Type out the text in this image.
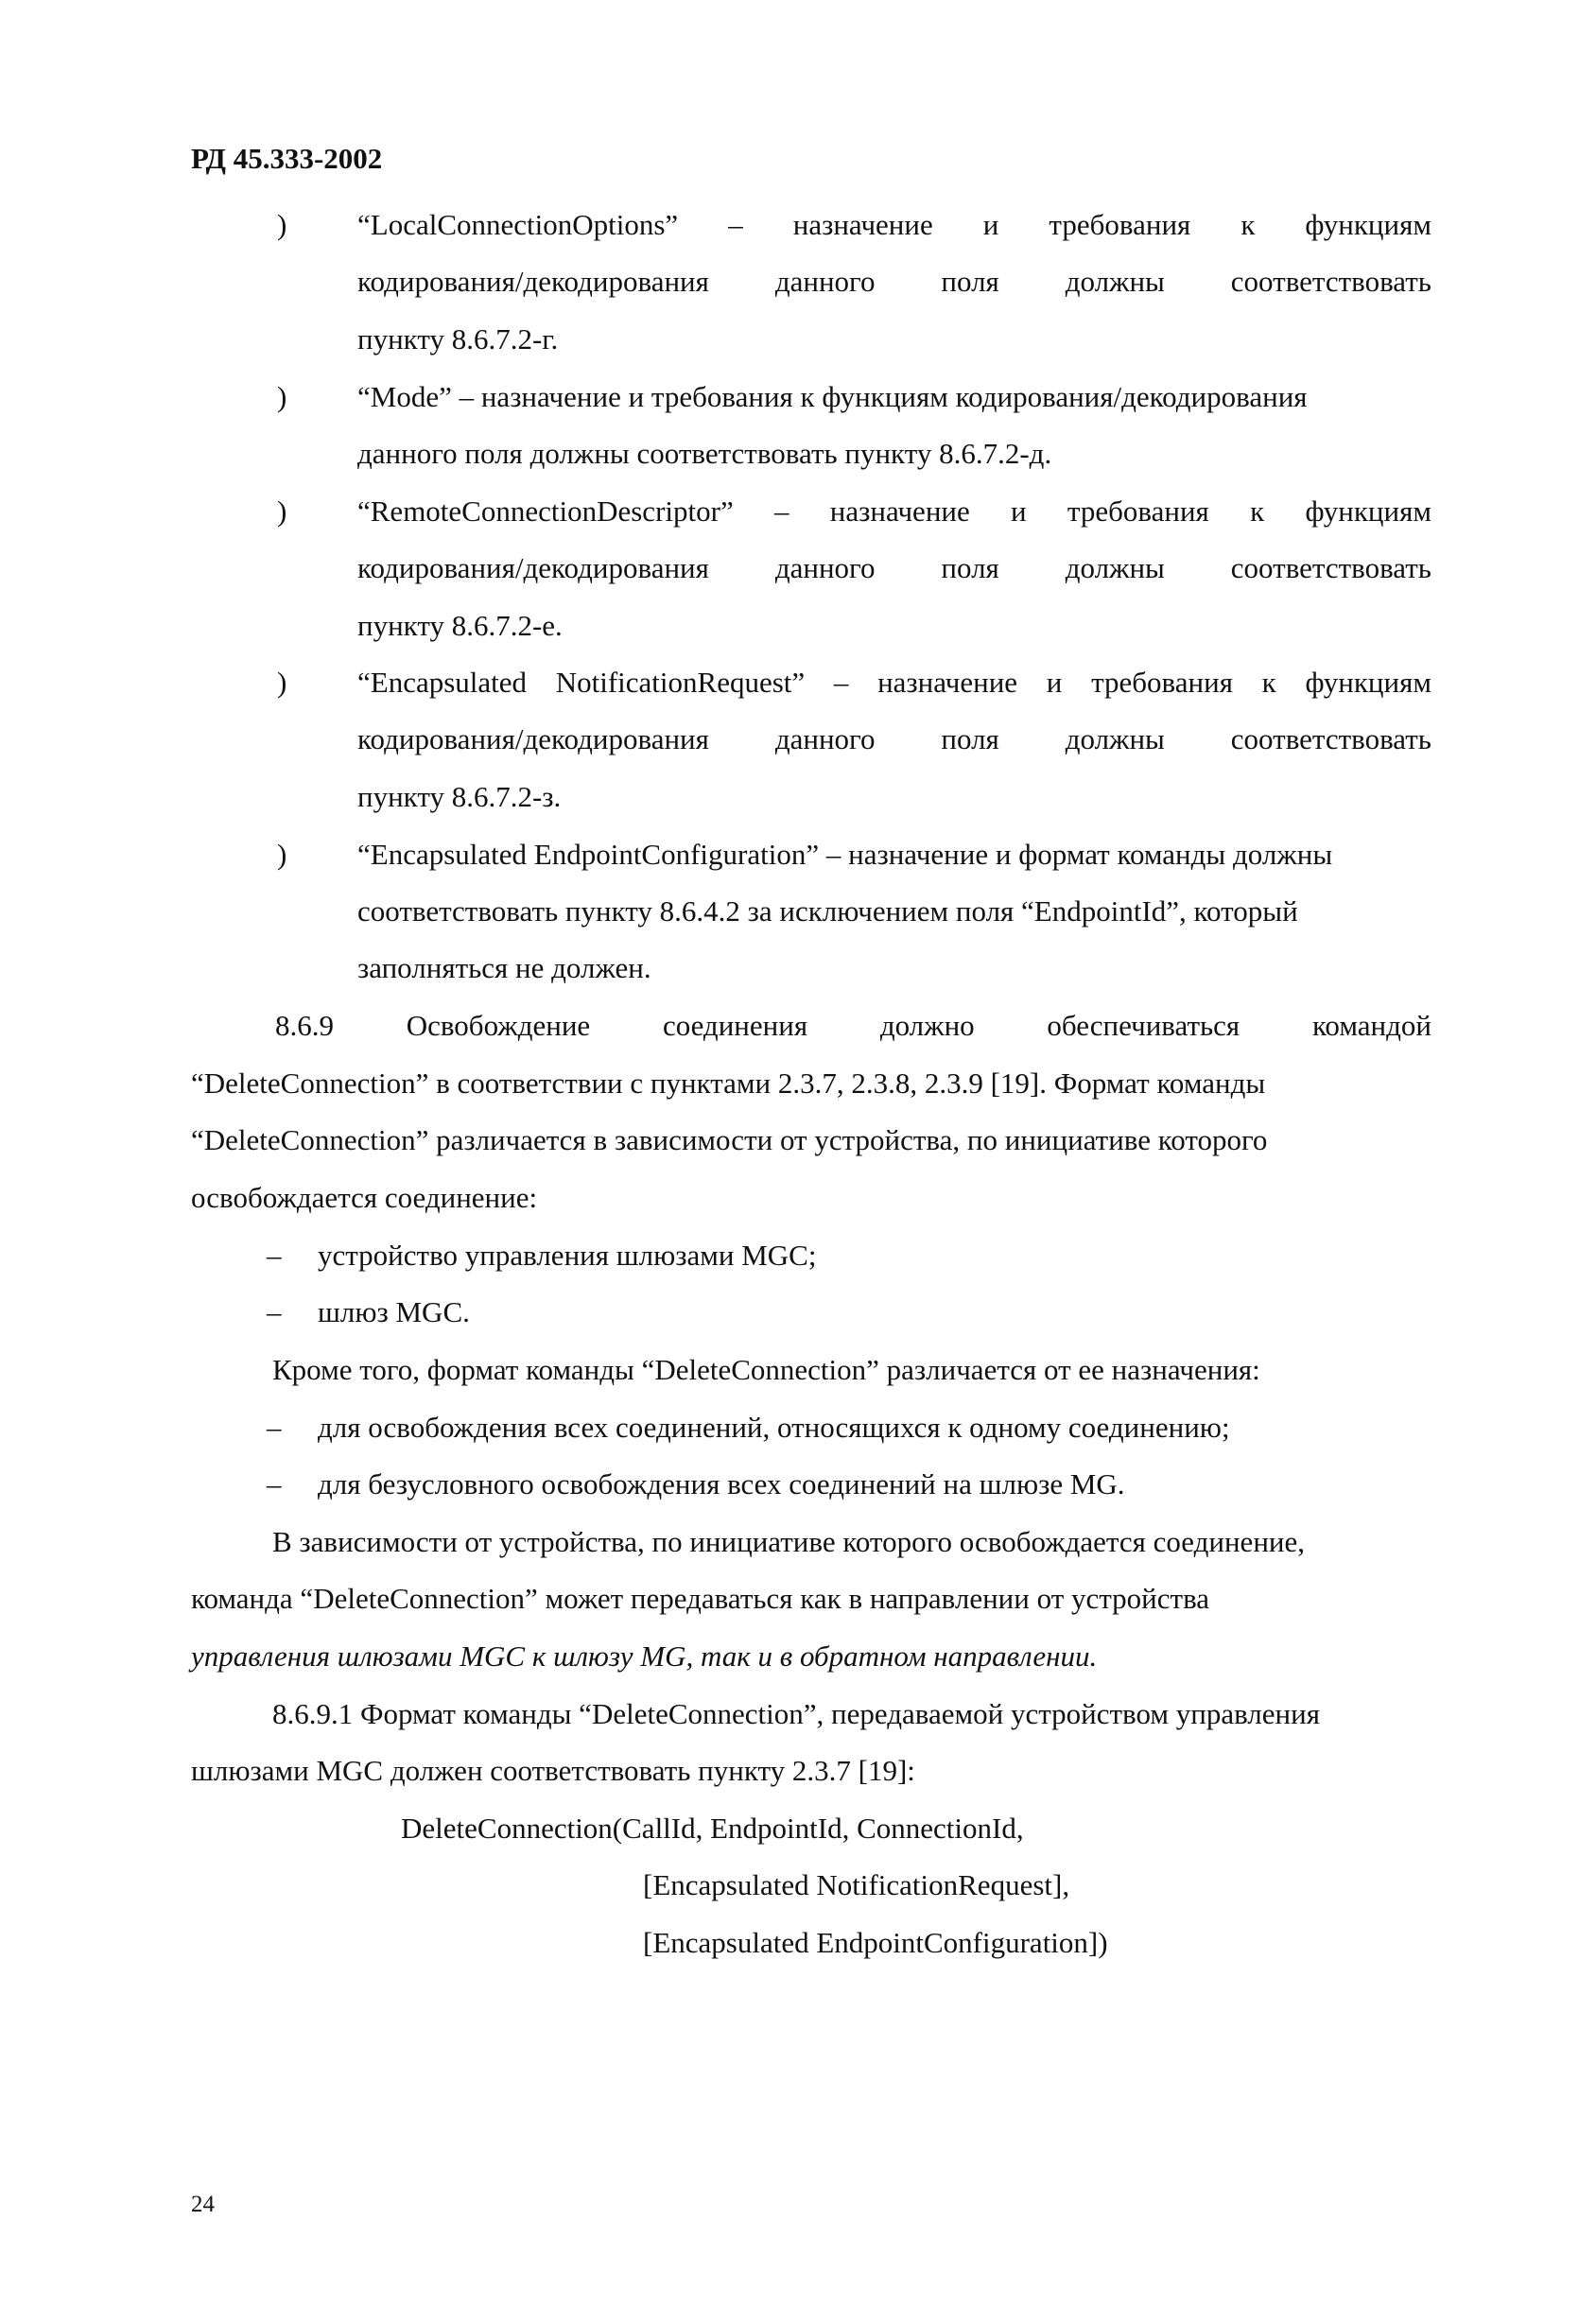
РД 45.333-2002
) “LocalConnectionOptions” – назначение и требования к функциям
кодирования/декодирования данного поля должны соответствовать
пункту 8.6.7.2-г.
) “Mode” – назначение и требования к функциям кодирования/декодирования
данного поля должны соответствовать пункту 8.6.7.2-д.
) “RemoteConnectionDescriptor” – назначение и требования к функциям
кодирования/декодирования данного поля должны соответствовать
пункту 8.6.7.2-е.
) “Encapsulated NotificationRequest” – назначение и требования к функциям
кодирования/декодирования данного поля должны соответствовать
пункту 8.6.7.2-з.
) “Encapsulated EndpointConfiguration” – назначение и формат команды должны
соответствовать пункту 8.6.4.2 за исключением поля “EndpointId”, который
заполняться не должен.
8.6.9 Освобождение соединения должно обеспечиваться командой
“DeleteConnection” в соответствии с пунктами 2.3.7, 2.3.8, 2.3.9 [19]. Формат команды
“DeleteConnection” различается в зависимости от устройства, по инициативе которого
освобождается соединение:
– устройство управления шлюзами MGC;
– шлюз MGC.
Кроме того, формат команды “DeleteConnection” различается от ее назначения:
– для освобождения всех соединений, относящихся к одному соединению;
– для безусловного освобождения всех соединений на шлюзе MG.
В зависимости от устройства, по инициативе которого освобождается соединение,
команда “DeleteConnection” может передаваться как в направлении от устройства
управления шлюзами MGC к шлюзу MG, так и в обратном направлении.
8.6.9.1 Формат команды “DeleteConnection”, передаваемой устройством управления
шлюзами MGC должен соответствовать пункту 2.3.7 [19]:
DeleteConnection(CallId, EndpointId, ConnectionId,
[Encapsulated NotificationRequest],
[Encapsulated EndpointConfiguration])
24
